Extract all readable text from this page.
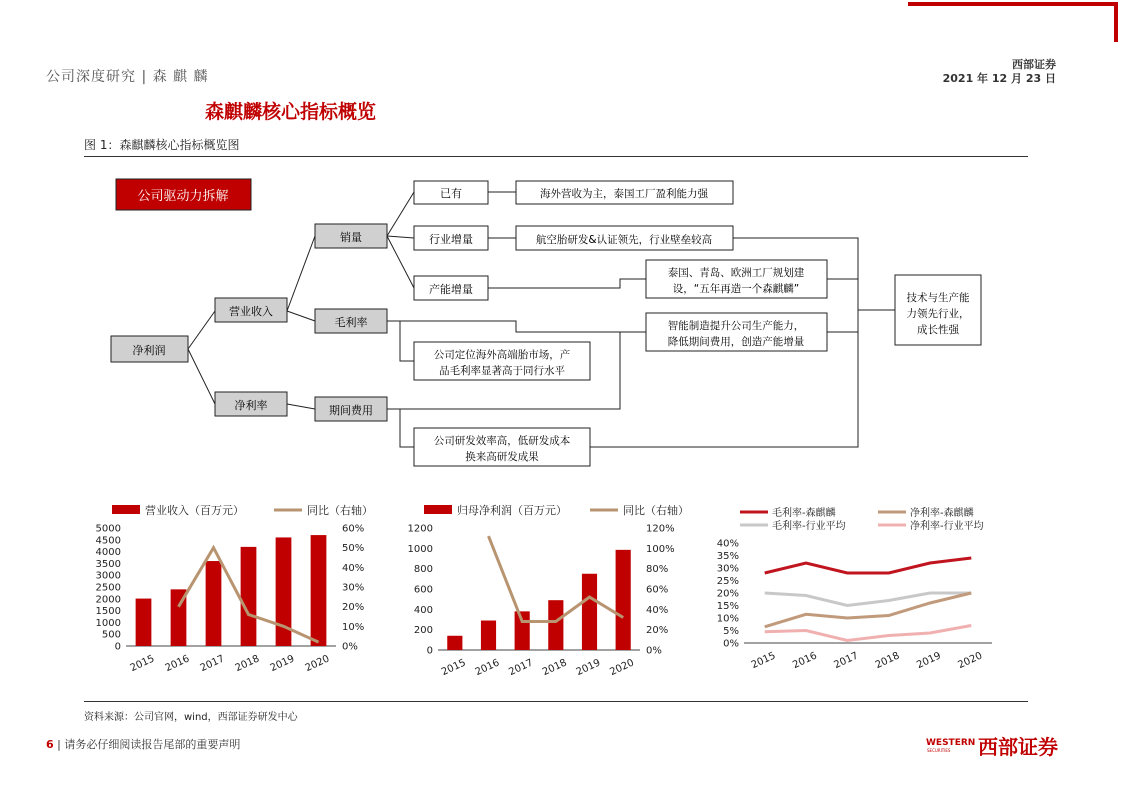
公司深度研究 | 森 麒 麟
西部证券
2021 年 12 月 23 日
森麒麟核心指标概览
图 1：森麒麟核心指标概览图
公司驱动力拆解
净利润
营业收入
净利率
销量
毛利率
期间费用
已有
行业增量
产能增量
海外营收为主，泰国工厂盈利能力强
航空胎研发&认证领先，行业壁垒较高
泰国、青岛、欧洲工厂规划建
设，“五年再造一个森麒麟”
智能制造提升公司生产能力，
降低期间费用，创造产能增量
公司定位海外高端胎市场，产
品毛利率显著高于同行水平
公司研发效率高，低研发成本
换来高研发成果
技术与生产能
力领先行业，
成长性强
0
500
1000
1500
2000
2500
3000
3500
4000
4500
5000
0%
10%
20%
30%
40%
50%
60%
2015 2016 2017 2018 2019 2020
营业收入（百万元）	同比（右轴）
0
200
400
600
800
1000
1200
0%
20%
40%
60%
80%
100%
120%
2015 2016 2017 2018 2019 2020
归母净利润（百万元）	同比（右轴）
0%
5%
10%
15%
20%
25%
30%
35%
40%
2015 2016 2017 2018 2019 2020
毛利率-森麒麟
毛利率-行业平均
净利率-森麒麟
净利率-行业平均
资料来源：公司官网，wind，西部证券研发中心
6 | 请务必仔细阅读报告尾部的重要声明	WESTERN
SECURITIES 西部证券
